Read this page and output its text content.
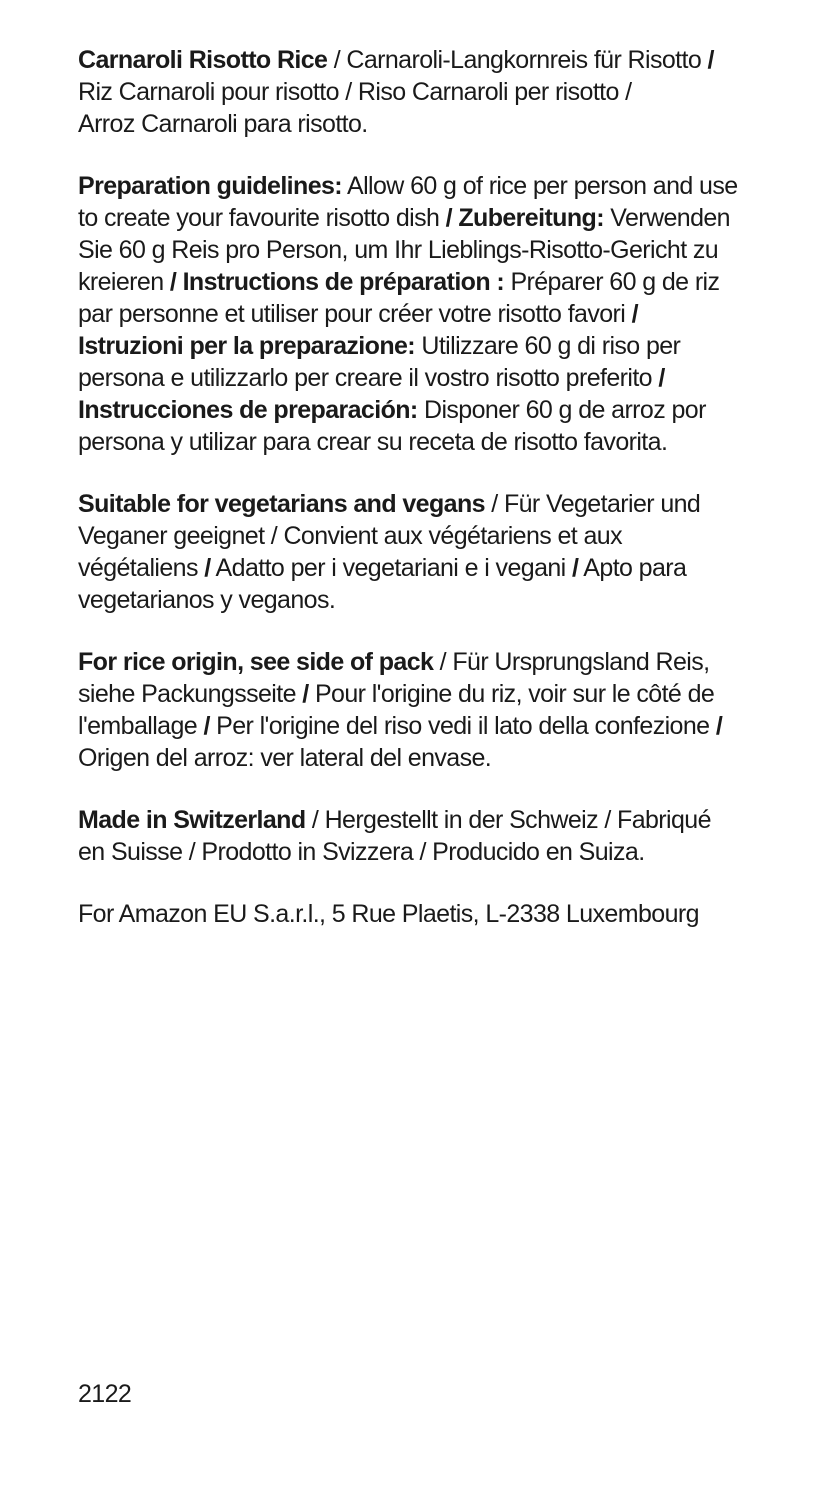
Carnaroli Risotto Rice / Carnaroli-Langkornreis für Risotto /
Riz Carnaroli pour risotto / Riso Carnaroli per risotto /
Arroz Carnaroli para risotto.

Preparation guidelines: Allow 60 g of rice per person and use
to create your favourite risotto dish / Zubereitung: Verwenden
Sie 60 g Reis pro Person, um Ihr Lieblings-Risotto-Gericht zu
kreieren / Instructions de préparation : Préparer 60 g de riz
par personne et utiliser pour créer votre risotto favori /
Istruzioni per la preparazione: Utilizzare 60 g di riso per
persona e utilizzarlo per creare il vostro risotto preferito /
Instrucciones de preparación: Disponer 60 g de arroz por
persona y utilizar para crear su receta de risotto favorita.

Suitable for vegetarians and vegans / Für Vegetarier und
Veganer geeignet / Convient aux végétariens et aux
végétaliens / Adatto per i vegetariani e i vegani / Apto para
vegetarianos y veganos.

For rice origin, see side of pack / Für Ursprungsland Reis,
siehe Packungsseite / Pour l'origine du riz, voir sur le côté de
l'emballage / Per l'origine del riso vedi il lato della confezione /
Origen del arroz: ver lateral del envase.

Made in Switzerland / Hergestellt in der Schweiz / Fabriqué
en Suisse / Prodotto in Svizzera / Producido en Suiza.

For Amazon EU S.a.r.l., 5 Rue Plaetis, L-2338 Luxembourg

2122
